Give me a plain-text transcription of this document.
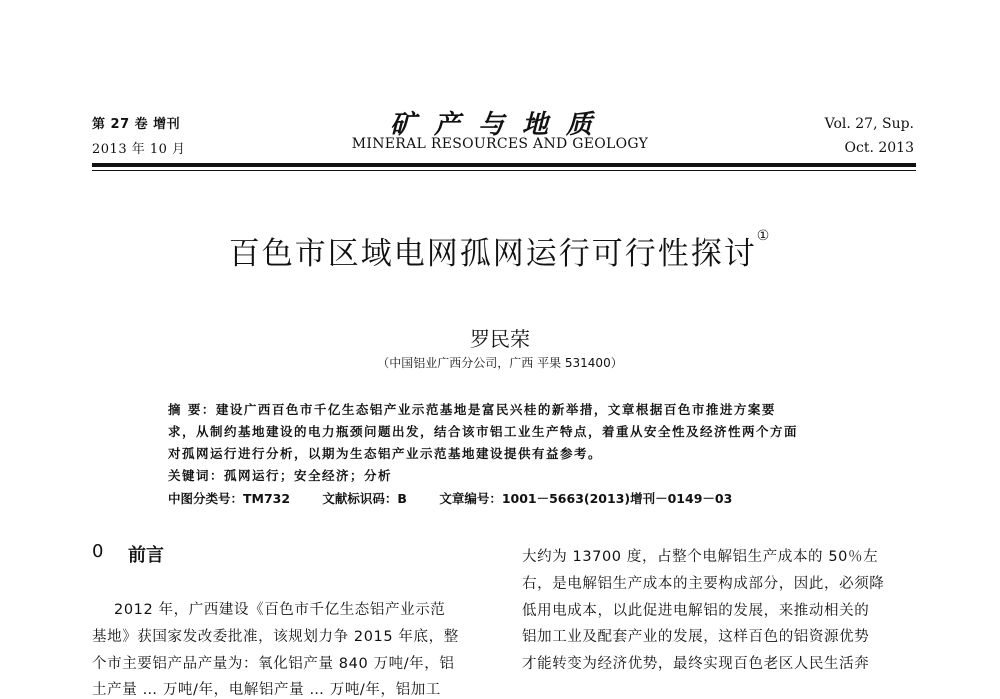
第 27 卷 增刊
2013 年 10 月
矿产与地质
MINERAL RESOURCES AND GEOLOGY
Vol. 27, Sup.
Oct. 2013
百色市区域电网孤网运行可行性探讨①
罗民荣
（中国铝业广西分公司，广西 平果 531400）
摘 要：建设广西百色市千亿生态铝产业示范基地是富民兴桂的新举措，文章根据百色市推进方案要
求，从制约基地建设的电力瓶颈问题出发，结合该市铝工业生产特点，着重从安全性及经济性两个方面
对孤网运行进行分析，以期为生态铝产业示范基地建设提供有益参考。
关键词：孤网运行；安全经济；分析
中图分类号：TM732	文献标识码：B	文章编号：1001－5663(2013)增刊－0149－03
0 前言
2012 年，广西建设《百色市千亿生态铝产业示范
基地》获国家发改委批准，该规划力争 2015 年底，整
个市主要铝产品产量为：氧化铝产量 840 万吨/年，铝
土产量 … 万吨/年，电解铝产量 … 万吨/年，铝加工
大约为 13700 度，占整个电解铝生产成本的 50％左
右，是电解铝生产成本的主要构成部分，因此，必须降
低用电成本，以此促进电解铝的发展，来推动相关的
铝加工业及配套产业的发展，这样百色的铝资源优势
才能转变为经济优势，最终实现百色老区人民生活奔
